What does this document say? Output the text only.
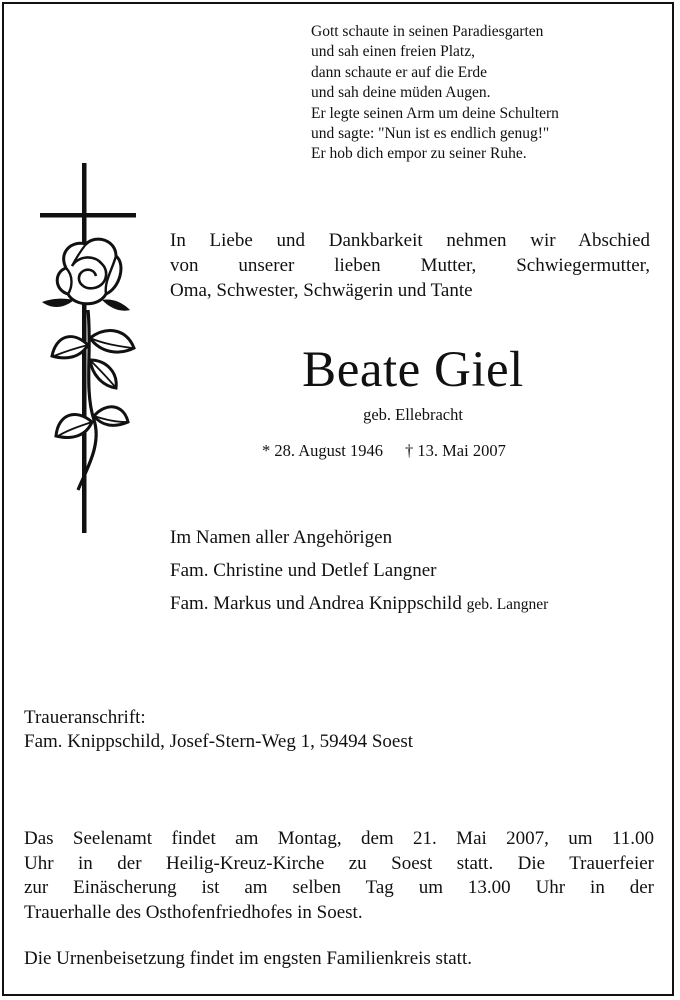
Gott schaute in seinen Paradiesgarten
und sah einen freien Platz,
dann schaute er auf die Erde
und sah deine müden Augen.
Er legte seinen Arm um deine Schultern
und sagte: "Nun ist es endlich genug!"
Er hob dich empor zu seiner Ruhe.
In Liebe und Dankbarkeit nehmen wir Abschied
von unserer lieben Mutter, Schwiegermutter,
Oma, Schwester, Schwägerin und Tante
Beate Giel
geb. Ellebracht
* 28. August 1946 † 13. Mai 2007
Im Namen aller Angehörigen
Fam. Christine und Detlef Langner
Fam. Markus und Andrea Knippschild geb. Langner
Traueranschrift:
Fam. Knippschild, Josef-Stern-Weg 1, 59494 Soest
Das Seelenamt findet am Montag, dem 21. Mai 2007, um 11.00
Uhr in der Heilig-Kreuz-Kirche zu Soest statt. Die Trauerfeier
zur Einäscherung ist am selben Tag um 13.00 Uhr in der
Trauerhalle des Osthofenfriedhofes in Soest.
Die Urnenbeisetzung findet im engsten Familienkreis statt.
